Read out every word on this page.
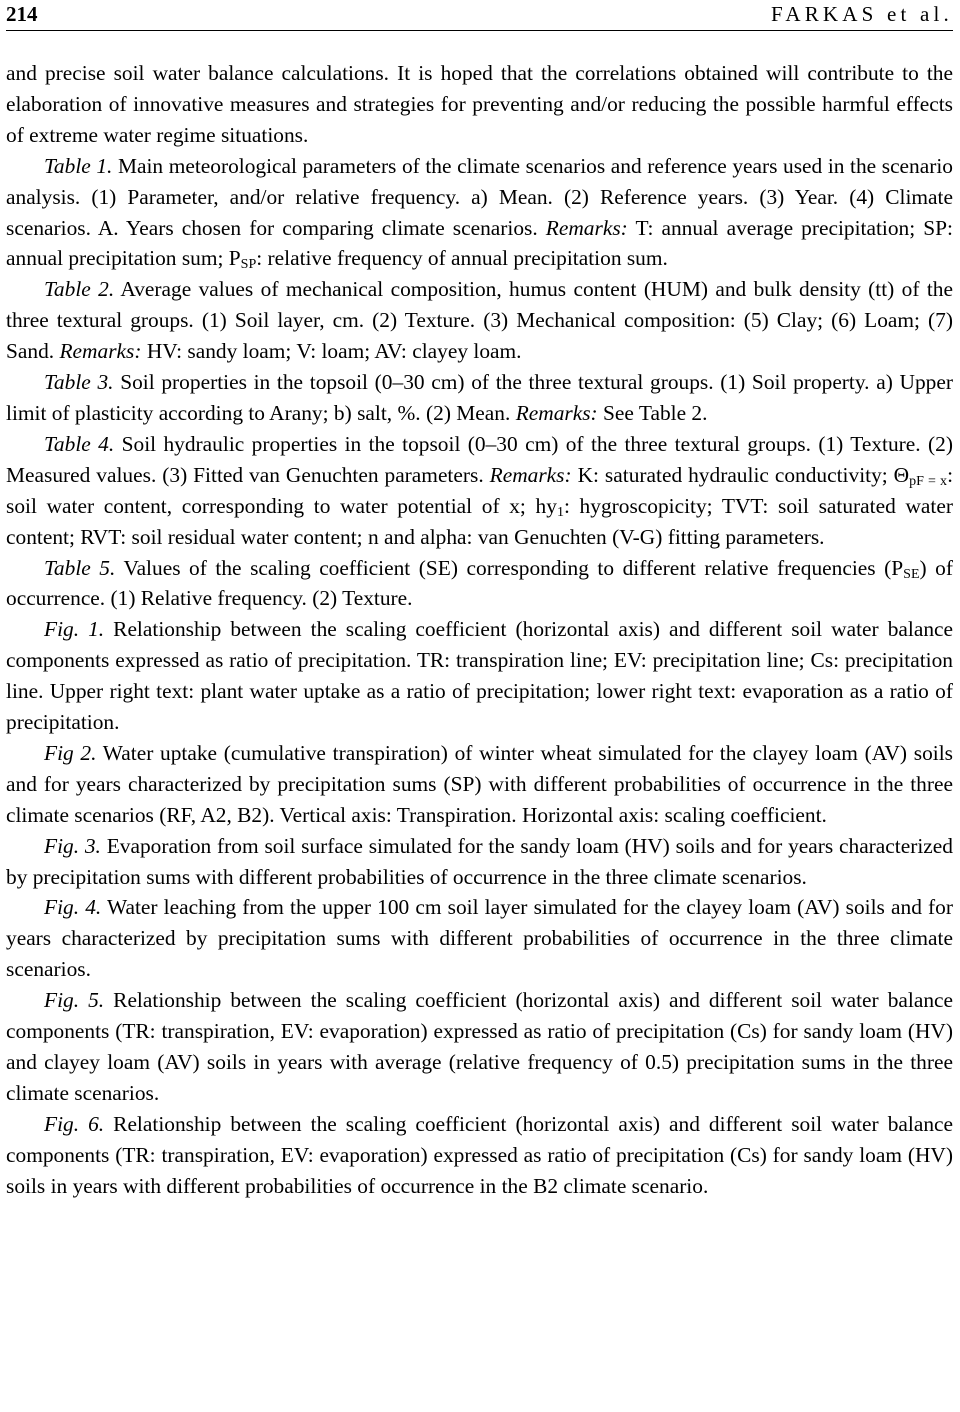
214	FARKAS et al.

and precise soil water balance calculations. It is hoped that the correlations obtained will contribute to the elaboration of innovative measures and strategies for preventing and/or reducing the possible harmful effects of extreme water regime situations.

Table 1. Main meteorological parameters of the climate scenarios and reference years used in the scenario analysis. (1) Parameter, and/or relative frequency. a) Mean. (2) Reference years. (3) Year. (4) Climate scenarios. A. Years chosen for comparing climate scenarios. Remarks: T: annual average precipitation; SP: annual precipitation sum; $P_{SP}$: relative frequency of annual precipitation sum.

Table 2. Average values of mechanical composition, humus content (HUM) and bulk density (tt) of the three textural groups. (1) Soil layer, cm. (2) Texture. (3) Mechanical composition: (5) Clay; (6) Loam; (7) Sand. Remarks: HV: sandy loam; V: loam; AV: clayey loam.

Table 3. Soil properties in the topsoil (0–30 cm) of the three textural groups. (1) Soil property. a) Upper limit of plasticity according to Arany; b) salt, %. (2) Mean. Remarks: See Table 2.

Table 4. Soil hydraulic properties in the topsoil (0–30 cm) of the three textural groups. (1) Texture. (2) Measured values. (3) Fitted van Genuchten parameters. Remarks: K: saturated hydraulic conductivity; $\Theta_{pF = x}$: soil water content, corresponding to water potential of x; $hy_1$: hygroscopicity; TVT: soil saturated water content; RVT: soil residual water content; n and alpha: van Genuchten (V-G) fitting parameters.

Table 5. Values of the scaling coefficient (SE) corresponding to different relative frequencies $(P_{SE})$ of occurrence. (1) Relative frequency. (2) Texture.

Fig. 1. Relationship between the scaling coefficient (horizontal axis) and different soil water balance components expressed as ratio of precipitation. TR: transpiration line; EV: precipitation line; Cs: precipitation line. Upper right text: plant water uptake as a ratio of precipitation; lower right text: evaporation as a ratio of precipitation.

Fig 2. Water uptake (cumulative transpiration) of winter wheat simulated for the clayey loam (AV) soils and for years characterized by precipitation sums (SP) with different probabilities of occurrence in the three climate scenarios (RF, A2, B2). Vertical axis: Transpiration. Horizontal axis: scaling coefficient.

Fig. 3. Evaporation from soil surface simulated for the sandy loam (HV) soils and for years characterized by precipitation sums with different probabilities of occurrence in the three climate scenarios.

Fig. 4. Water leaching from the upper 100 cm soil layer simulated for the clayey loam (AV) soils and for years characterized by precipitation sums with different probabilities of occurrence in the three climate scenarios.

Fig. 5. Relationship between the scaling coefficient (horizontal axis) and different soil water balance components (TR: transpiration, EV: evaporation) expressed as ratio of precipitation (Cs) for sandy loam (HV) and clayey loam (AV) soils in years with average (relative frequency of 0.5) precipitation sums in the three climate scenarios.

Fig. 6. Relationship between the scaling coefficient (horizontal axis) and different soil water balance components (TR: transpiration, EV: evaporation) expressed as ratio of precipitation (Cs) for sandy loam (HV) soils in years with different probabilities of occurrence in the B2 climate scenario.
